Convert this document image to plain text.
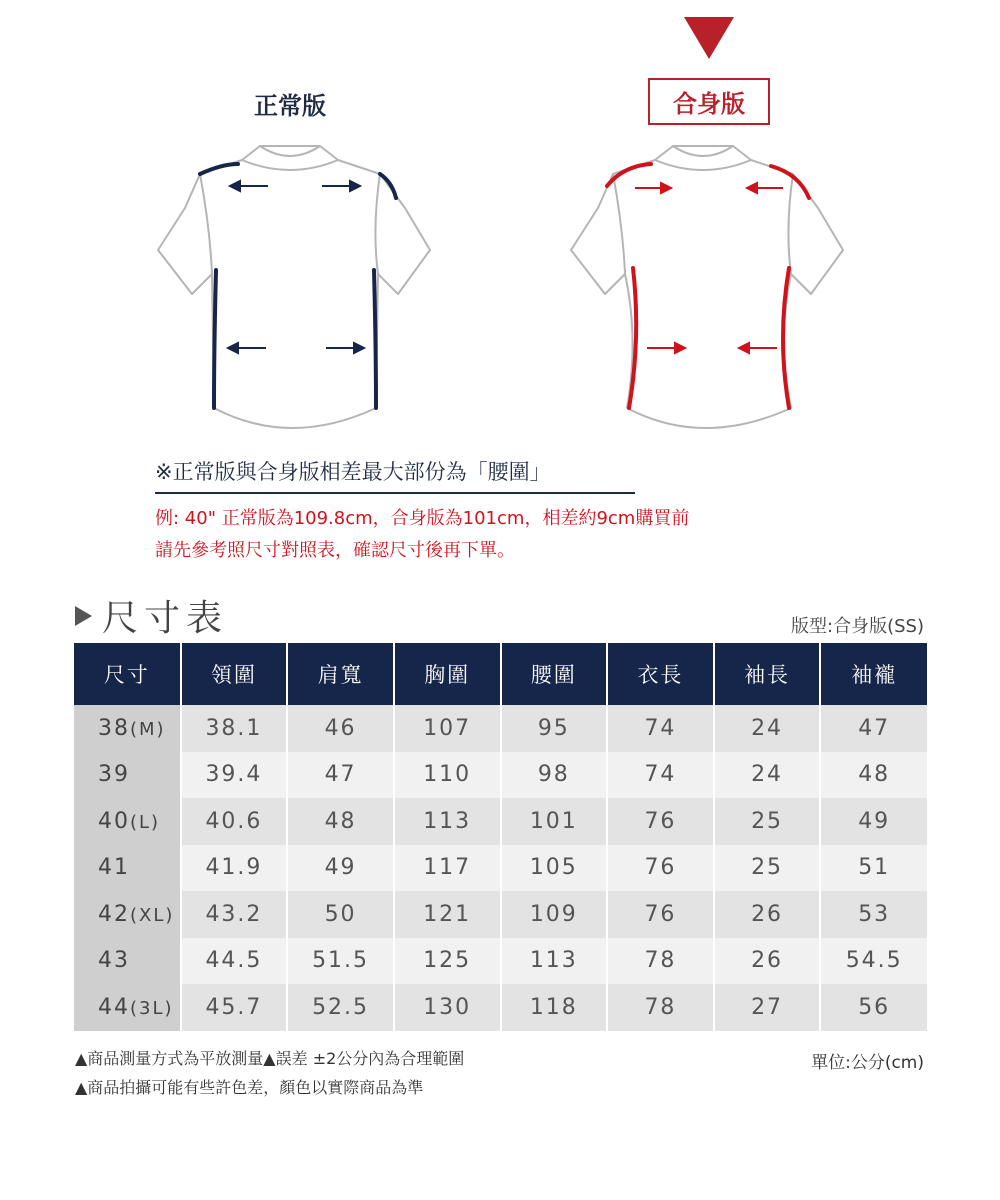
正常版	合身版
※正常版與合身版相差最大部份為「腰圍」
例: 40" 正常版為109.8cm，合身版為101cm，相差約9cm購買前
請先參考照尺寸對照表，確認尺寸後再下單。
尺寸表	版型:合身版(SS)
尺寸	領圍	肩寬	胸圍	腰圍	衣長	袖長	袖襱
38(M)	38.1	46	107	95	74	24	47
39	39.4	47	110	98	74	24	48
40(L)	40.6	48	113	101	76	25	49
41	41.9	49	117	105	76	25	51
42(XL)	43.2	50	121	109	76	26	53
43	44.5	51.5	125	113	78	26	54.5
44(3L)	45.7	52.5	130	118	78	27	56
▲商品測量方式為平放測量▲誤差 ±2公分內為合理範圍
▲商品拍攝可能有些許色差，顏色以實際商品為準
單位:公分(cm)
